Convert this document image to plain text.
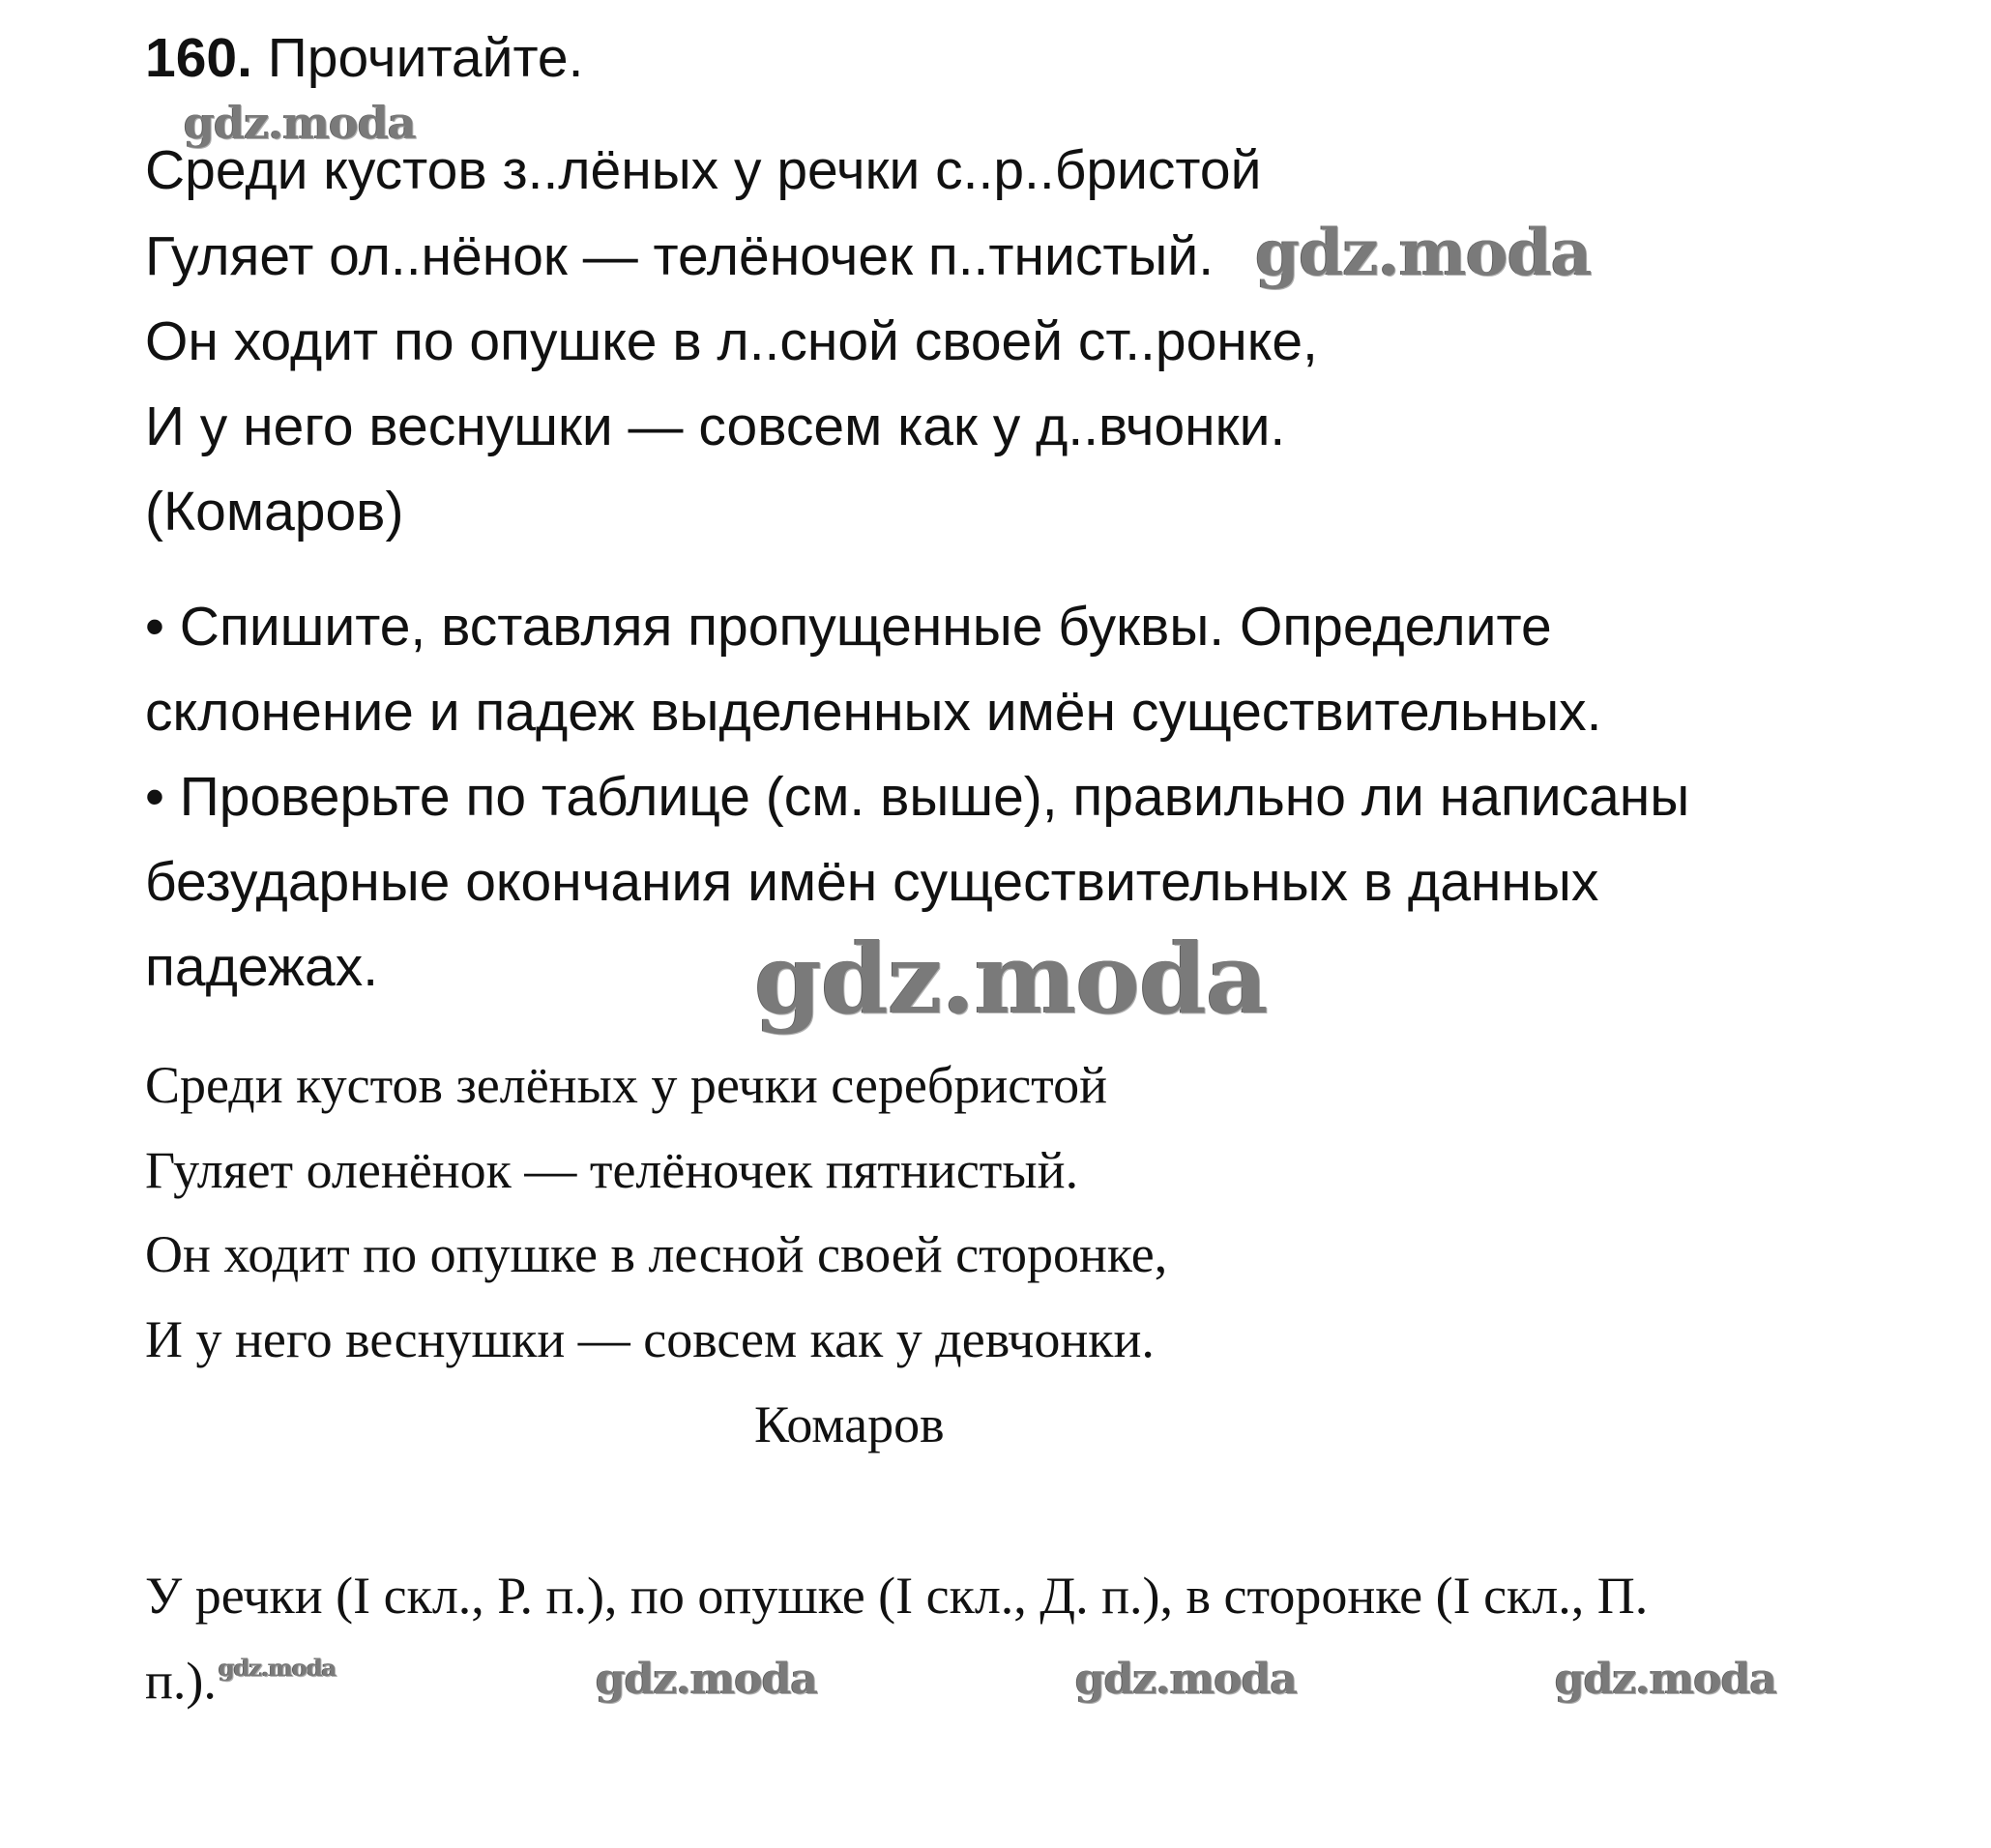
160. Прочитайте.
Среди кустов з..лёных у речки с..р..бристой
Гуляет ол..нёнок — телёночек п..тнистый.
Он ходит по опушке в л..сной своей ст..ронке,
И у него веснушки — совсем как у д..вчонки.
(Комаров)
• Спишите, вставляя пропущенные буквы. Определите
склонение и падеж выделенных имён существительных.
• Проверьте по таблице (см. выше), правильно ли написаны
безударные окончания имён существительных в данных
падежах.
Среди кустов зелёных у речки серебристой
Гуляет оленёнок — телёночек пятнистый.
Он ходит по опушке в лесной своей сторонке,
И у него веснушки — совсем как у девчонки.
Комаров
У речки (I скл., Р. п.), по опушке (I скл., Д. п.), в сторонке (I скл., П.
п.).
gdz.moda
gdz.moda
gdz.moda
gdz.moda	gdz.moda	gdz.moda	gdz.moda
